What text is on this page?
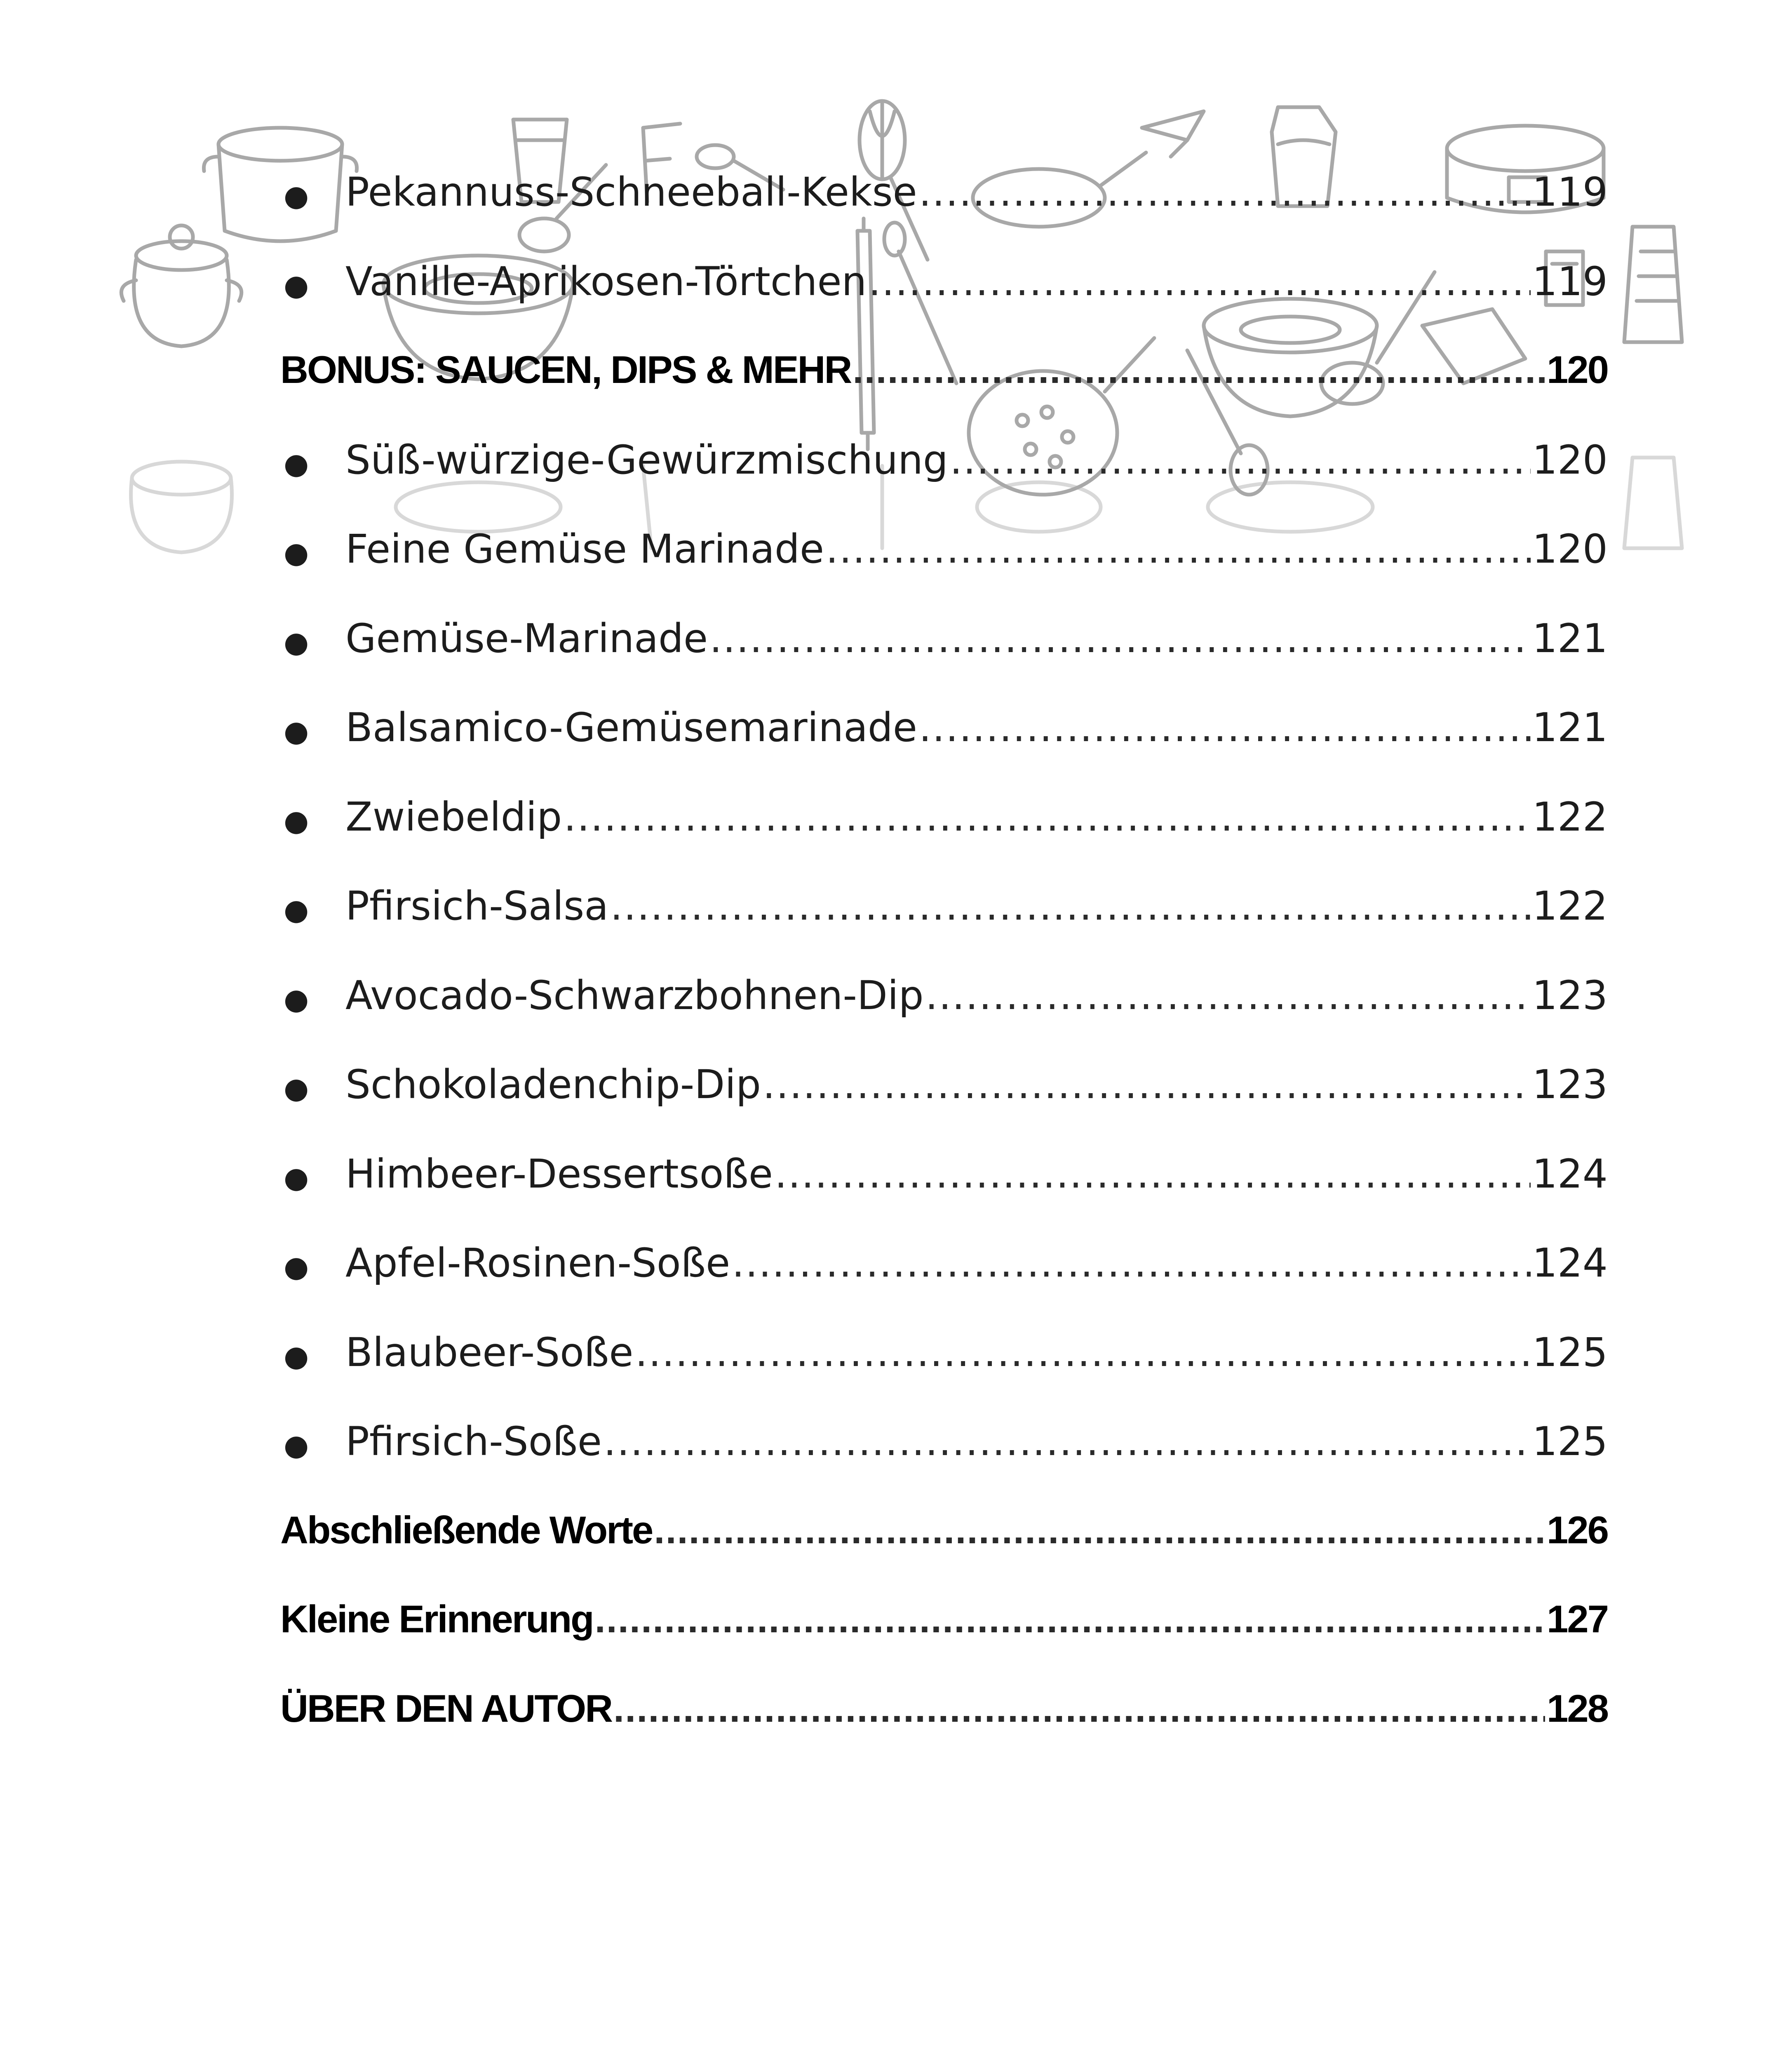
● Pekannuss-Schneeball-Kekse .....	119
● Vanille-Aprikosen-Törtchen .....	119
BONUS: SAUCEN, DIPS & MEHR .....	120
● Süß-würzige-Gewürzmischung .....	120
● Feine Gemüse Marinade .....	120
● Gemüse-Marinade .....	121
● Balsamico-Gemüsemarinade .....	121
● Zwiebeldip .....	122
● Pfirsich-Salsa .....	122
● Avocado-Schwarzbohnen-Dip .....	123
● Schokoladenchip-Dip .....	123
● Himbeer-Dessertsoße .....	124
● Apfel-Rosinen-Soße .....	124
● Blaubeer-Soße .....	125
● Pfirsich-Soße .....	125
Abschließende Worte .....	126
Kleine Erinnerung .....	127
ÜBER DEN AUTOR .....	128
